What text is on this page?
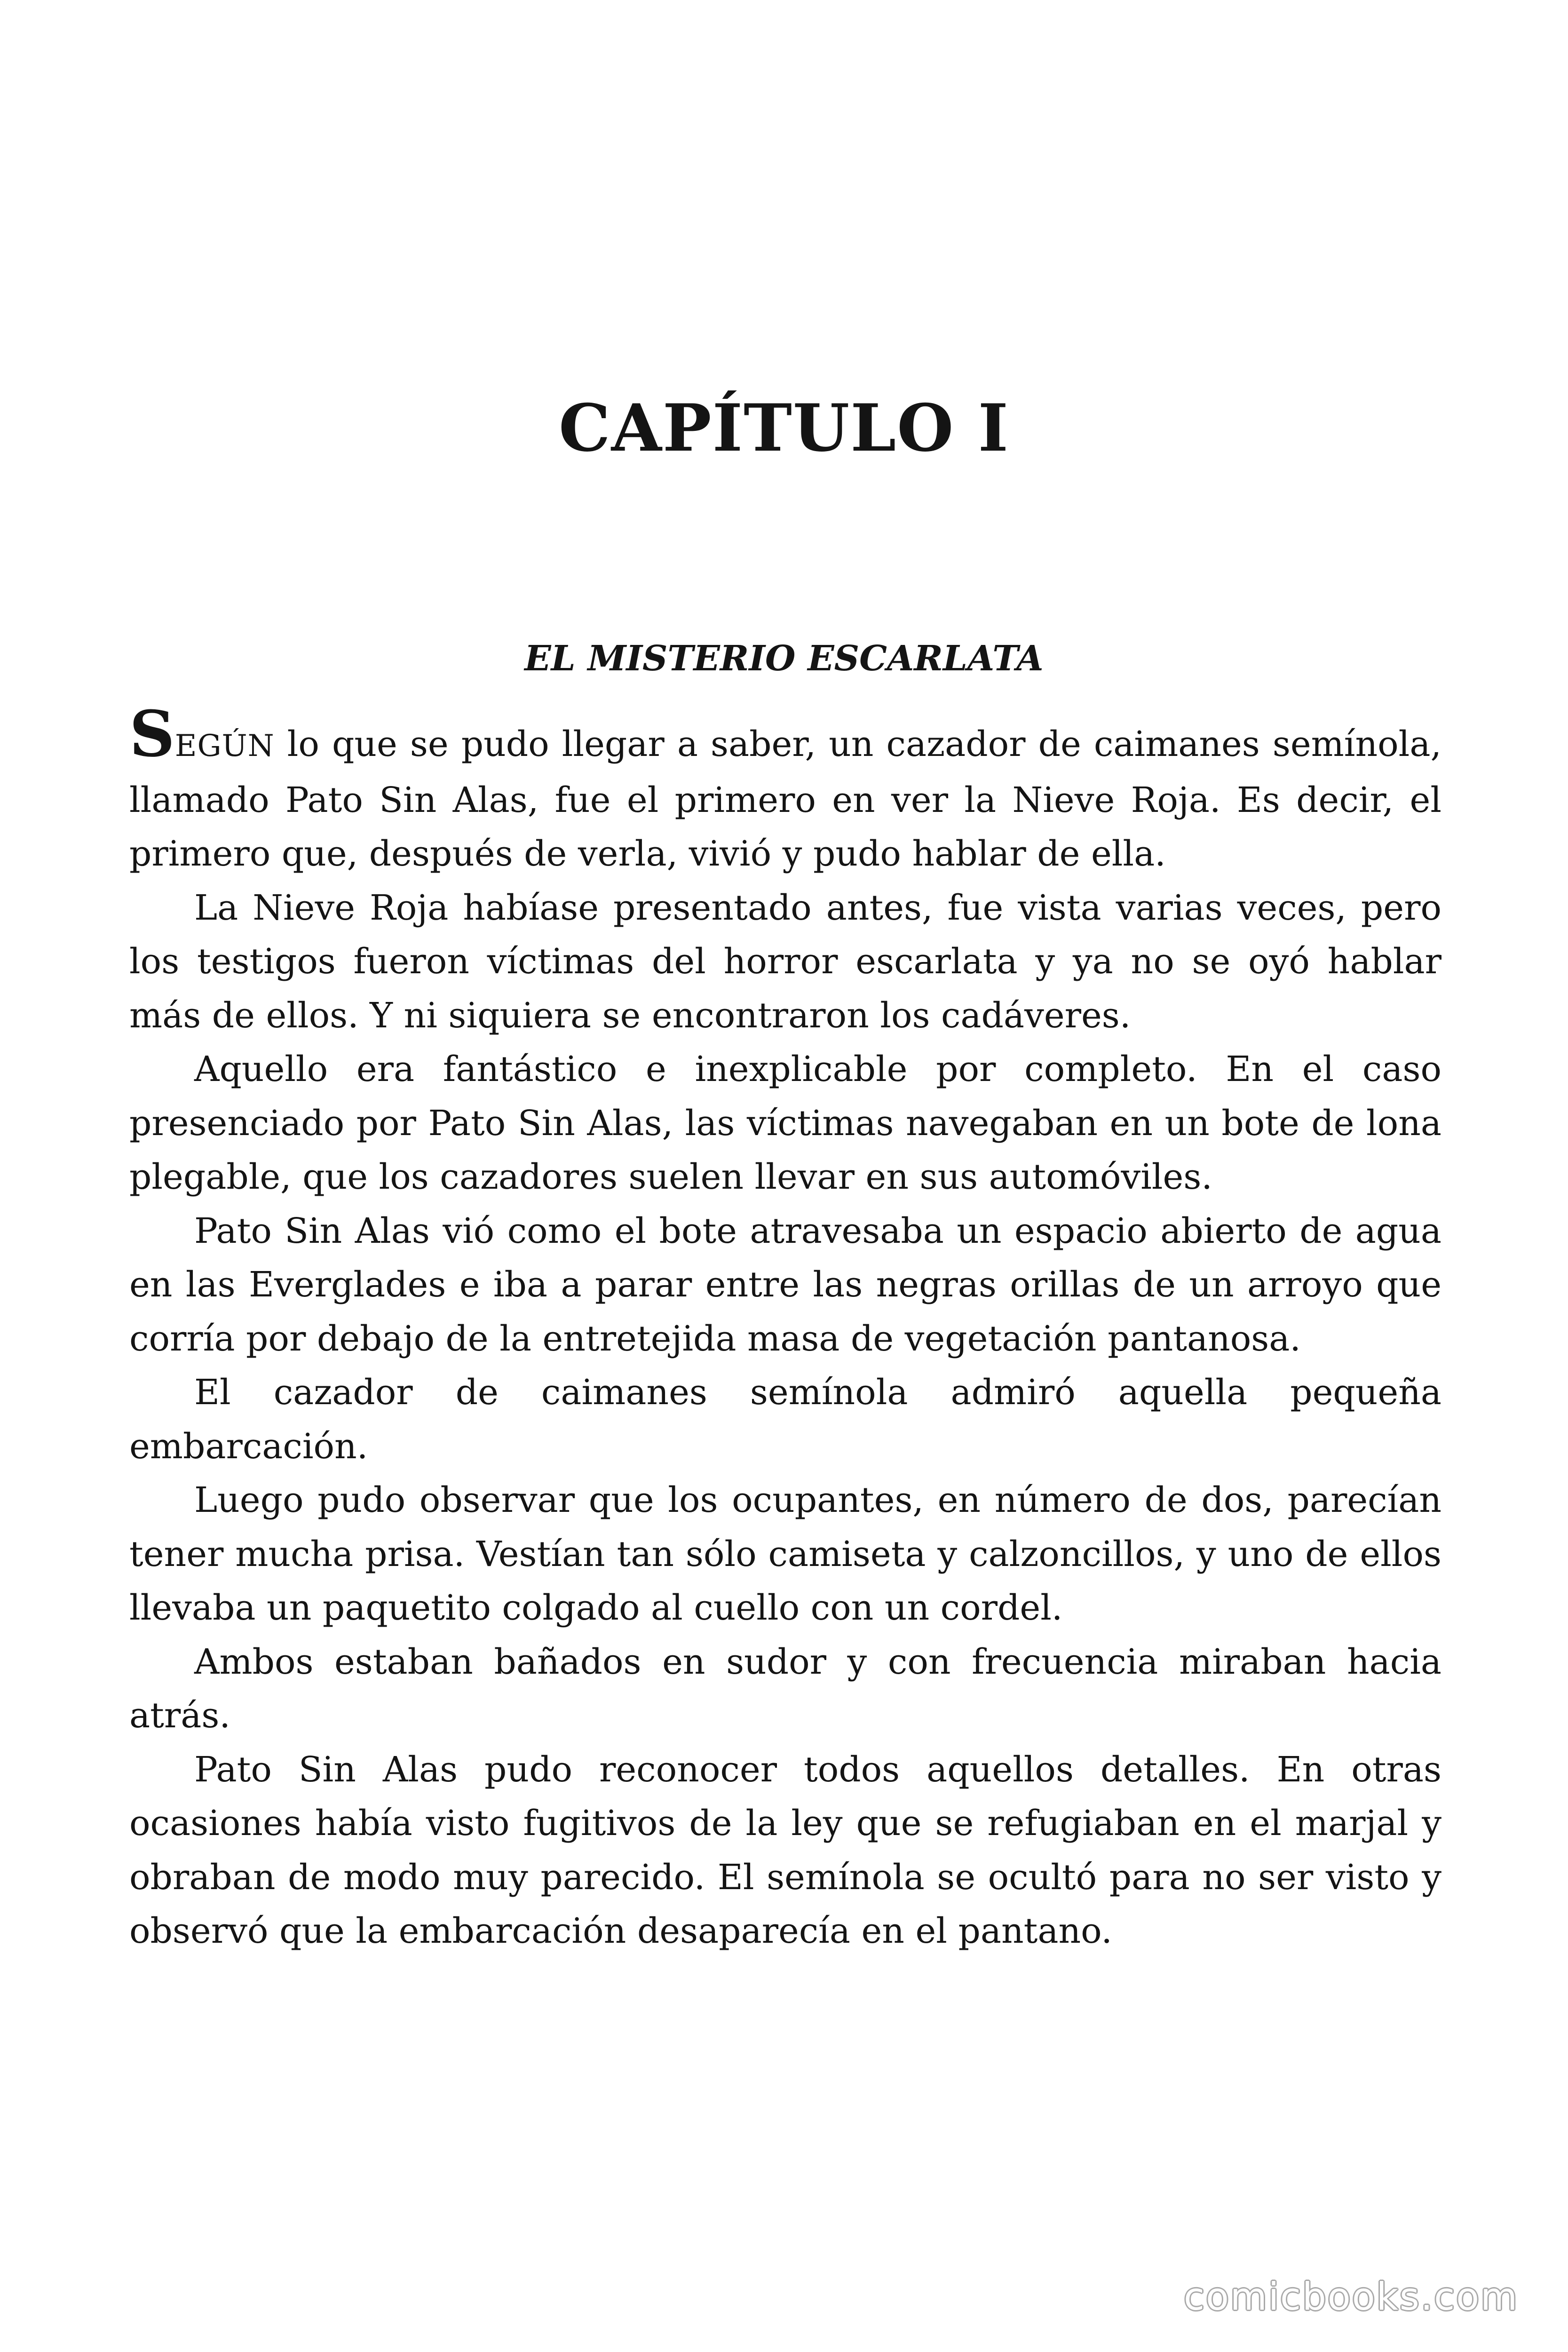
CAPÍTULO I
EL MISTERIO ESCARLATA

SEGÚN lo que se pudo llegar a saber, un cazador de caimanes semínola, llamado Pato Sin Alas, fue el primero en ver la Nieve Roja. Es decir, el primero que, después de verla, vivió y pudo hablar de ella.

La Nieve Roja habíase presentado antes, fue vista varias veces, pero los testigos fueron víctimas del horror escarlata y ya no se oyó hablar más de ellos. Y ni siquiera se encontraron los cadáveres.

Aquello era fantástico e inexplicable por completo. En el caso presenciado por Pato Sin Alas, las víctimas navegaban en un bote de lona plegable, que los cazadores suelen llevar en sus automóviles.

Pato Sin Alas vió como el bote atravesaba un espacio abierto de agua en las Everglades e iba a parar entre las negras orillas de un arroyo que corría por debajo de la entretejida masa de vegetación pantanosa.

El cazador de caimanes semínola admiró aquella pequeña embarcación.

Luego pudo observar que los ocupantes, en número de dos, parecían tener mucha prisa. Vestían tan sólo camiseta y calzoncillos, y uno de ellos llevaba un paquetito colgado al cuello con un cordel.

Ambos estaban bañados en sudor y con frecuencia miraban hacia atrás.

Pato Sin Alas pudo reconocer todos aquellos detalles. En otras ocasiones había visto fugitivos de la ley que se refugiaban en el marjal y obraban de modo muy parecido. El semínola se ocultó para no ser visto y observó que la embarcación desaparecía en el pantano.

comicbooks.com
